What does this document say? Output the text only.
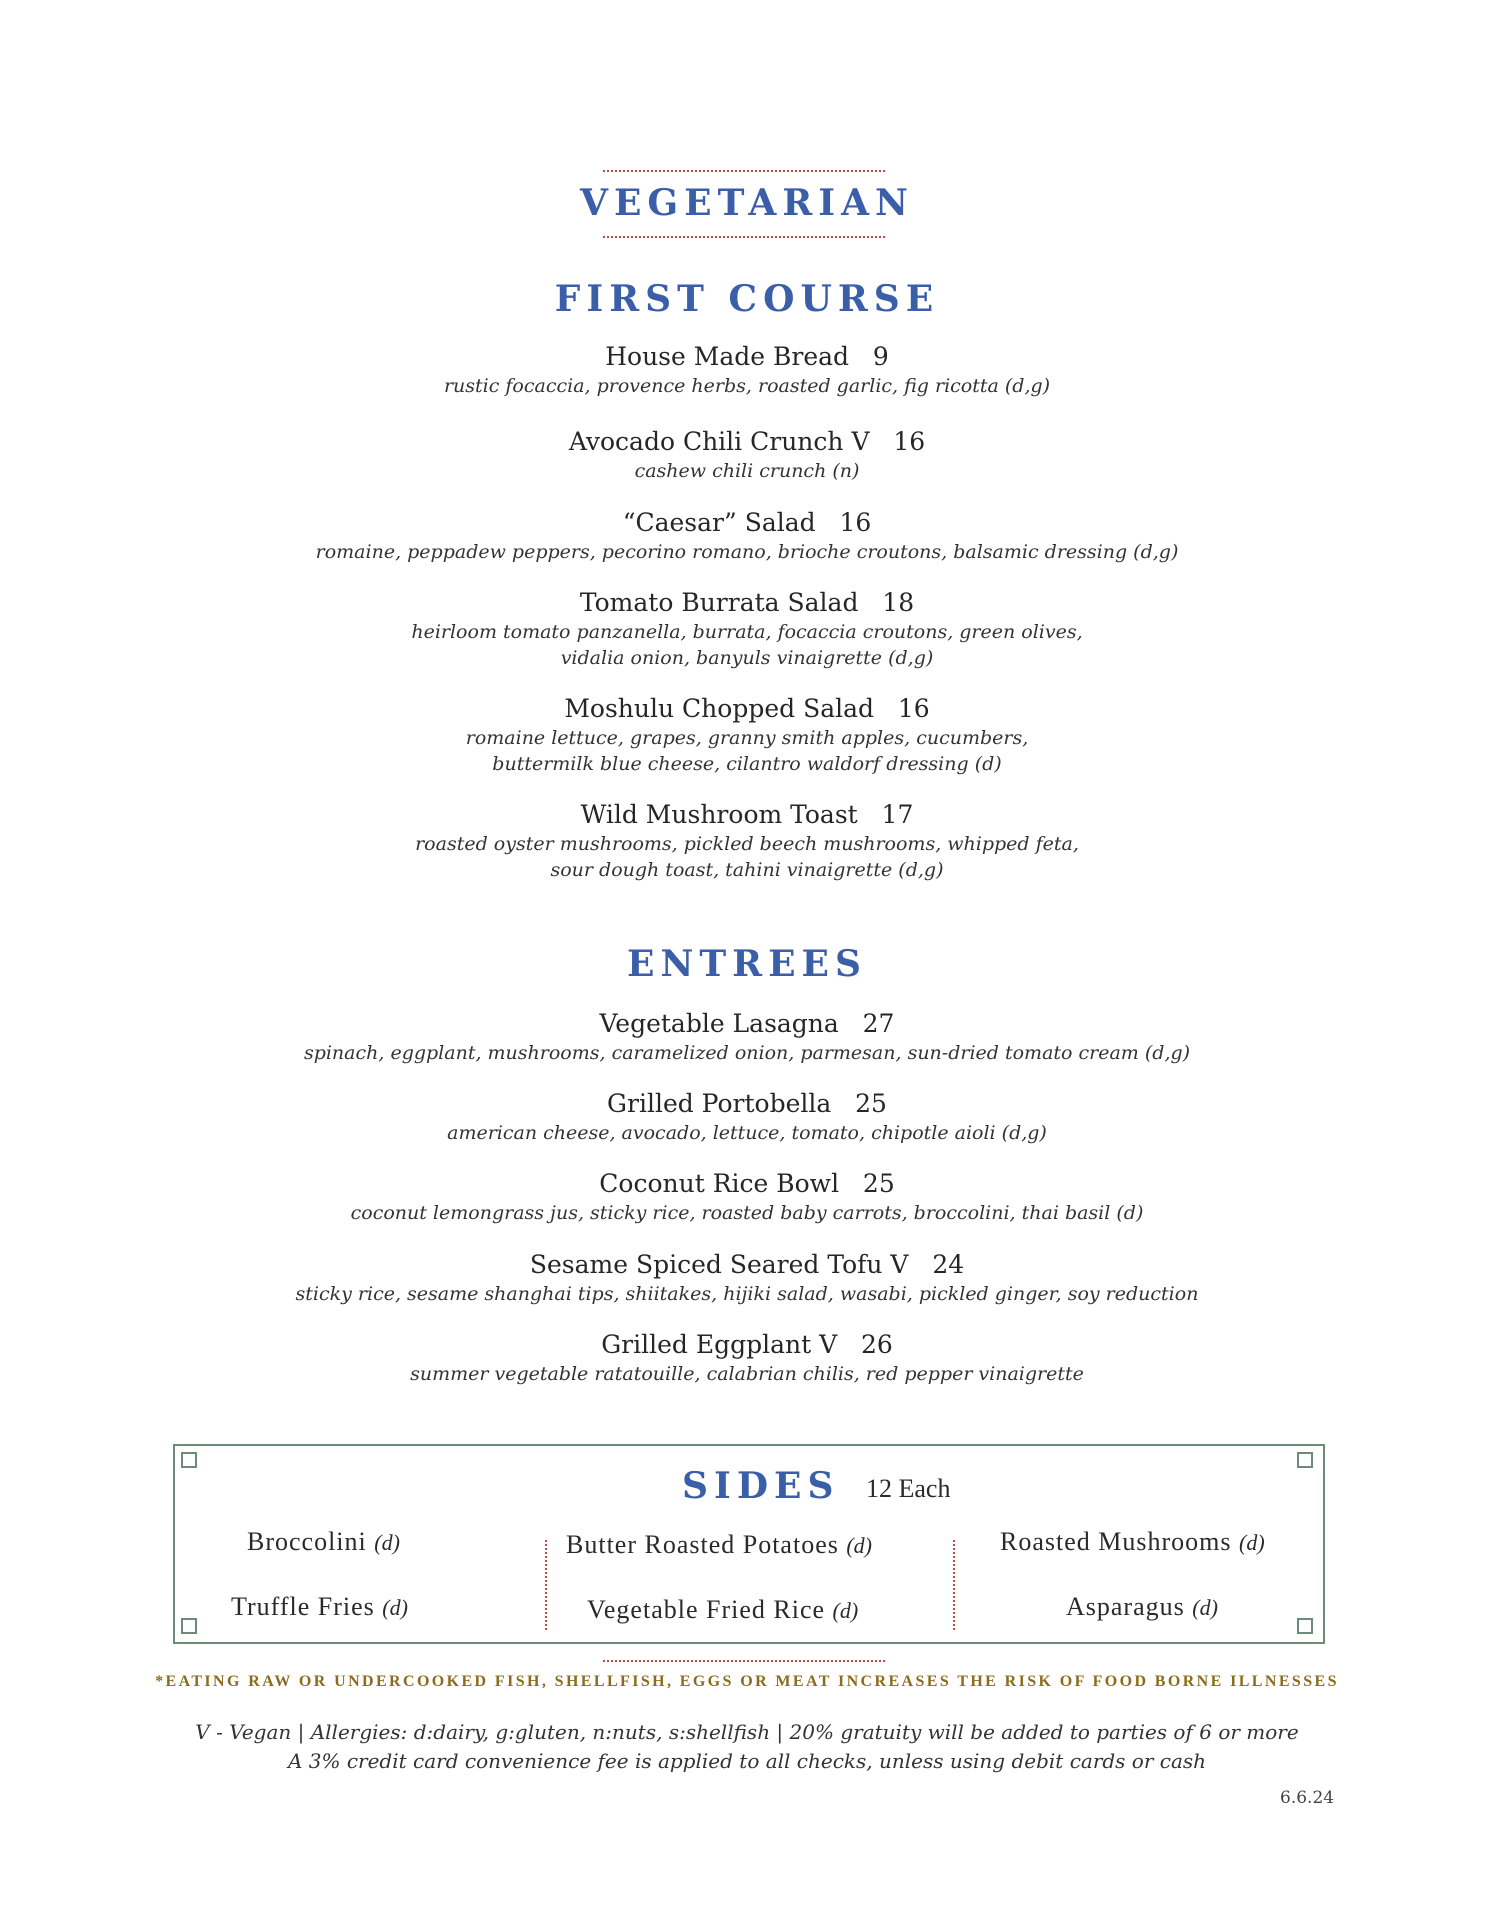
VEGETARIAN
FIRST COURSE
House Made Bread   9
rustic focaccia, provence herbs, roasted garlic, fig ricotta (d,g)
Avocado Chili Crunch V   16
cashew chili crunch (n)
“Caesar” Salad   16
romaine, peppadew peppers, pecorino romano, brioche croutons, balsamic dressing (d,g)
Tomato Burrata Salad   18
heirloom tomato panzanella, burrata, focaccia croutons, green olives,
vidalia onion, banyuls vinaigrette (d,g)
Moshulu Chopped Salad   16
romaine lettuce, grapes, granny smith apples, cucumbers,
buttermilk blue cheese, cilantro waldorf dressing (d)
Wild Mushroom Toast   17
roasted oyster mushrooms, pickled beech mushrooms, whipped feta,
sour dough toast, tahini vinaigrette (d,g)
ENTREES
Vegetable Lasagna   27
spinach, eggplant, mushrooms, caramelized onion, parmesan, sun-dried tomato cream (d,g)
Grilled Portobella   25
american cheese, avocado, lettuce, tomato, chipotle aioli (d,g)
Coconut Rice Bowl   25
coconut lemongrass jus, sticky rice, roasted baby carrots, broccolini, thai basil (d)
Sesame Spiced Seared Tofu V   24
sticky rice, sesame shanghai tips, shiitakes, hijiki salad, wasabi, pickled ginger, soy reduction
Grilled Eggplant V   26
summer vegetable ratatouille, calabrian chilis, red pepper vinaigrette
SIDES 12 Each
Broccolini (d)	Butter Roasted Potatoes (d)	Roasted Mushrooms (d)
Truffle Fries (d)	Vegetable Fried Rice (d)	Asparagus (d)
*EATING RAW OR UNDERCOOKED FISH, SHELLFISH, EGGS OR MEAT INCREASES THE RISK OF FOOD BORNE ILLNESSES
V - Vegan | Allergies: d:dairy, g:gluten, n:nuts, s:shellfish | 20% gratuity will be added to parties of 6 or more
A 3% credit card convenience fee is applied to all checks, unless using debit cards or cash
6.6.24
